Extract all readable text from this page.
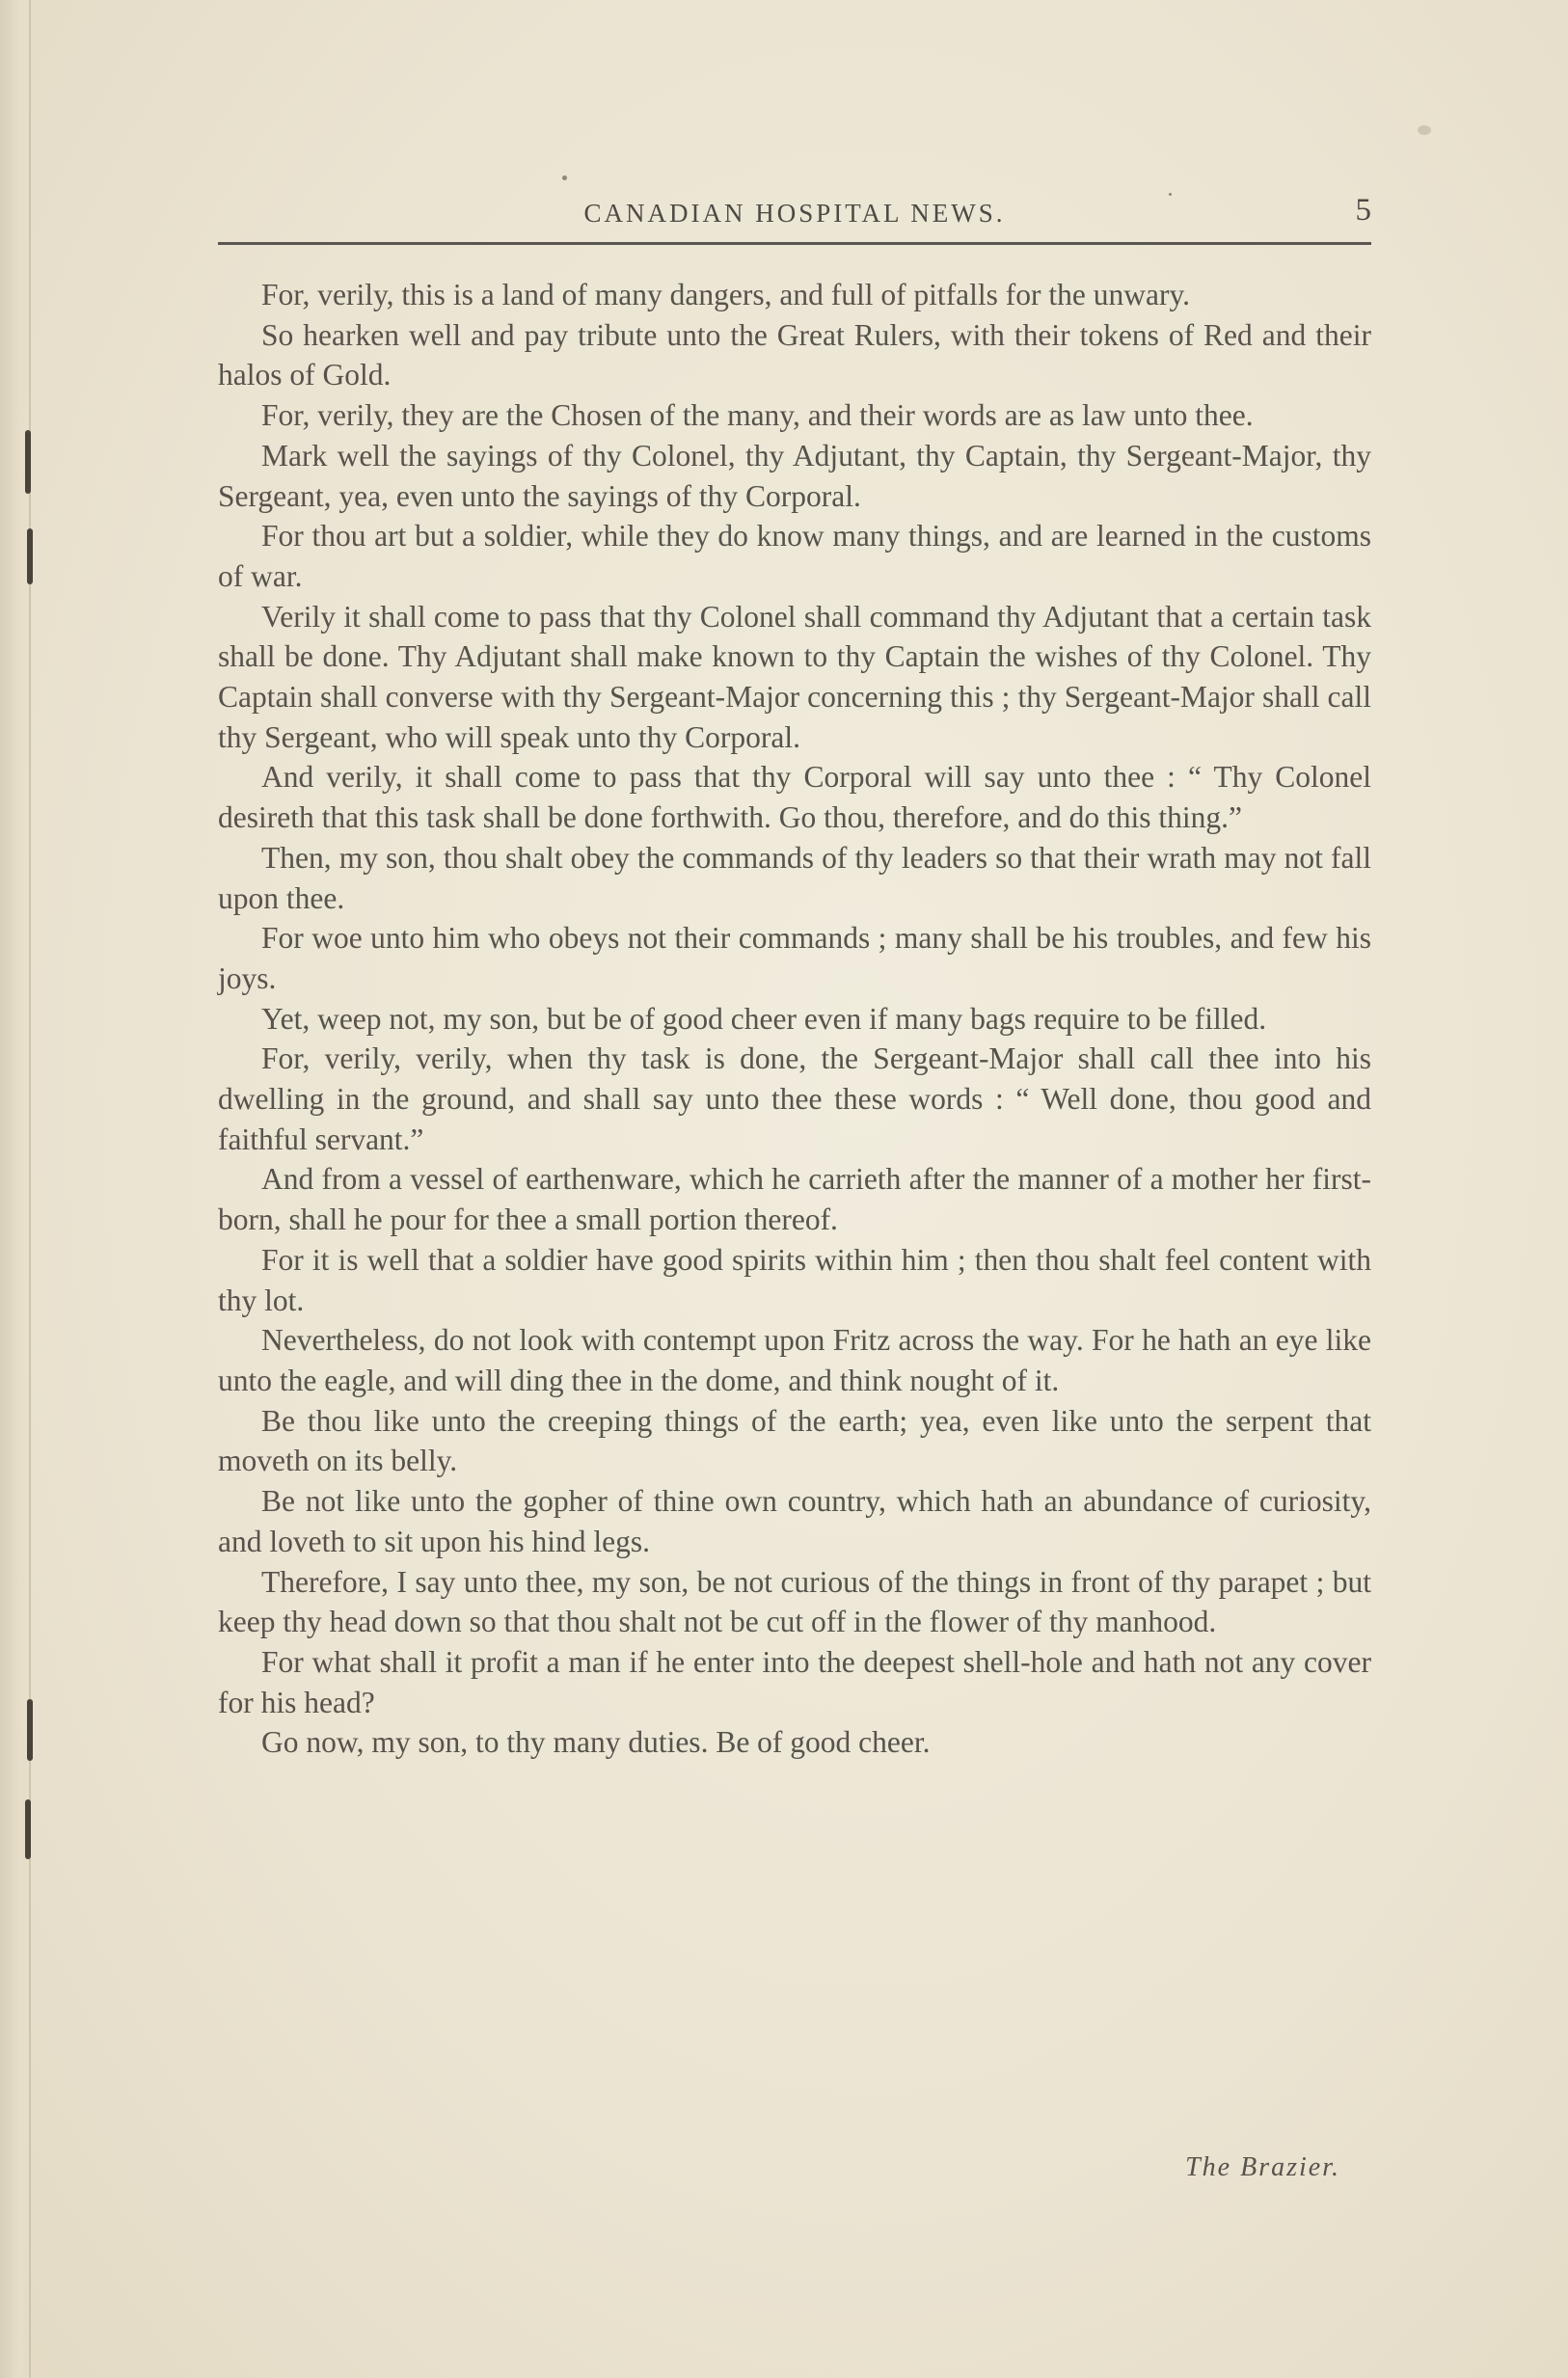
CANADIAN HOSPITAL NEWS.	5

For, verily, this is a land of many dangers, and full of pitfalls for the unwary.

So hearken well and pay tribute unto the Great Rulers, with their tokens of Red and their halos of Gold.

For, verily, they are the Chosen of the many, and their words are as law unto thee.

Mark well the sayings of thy Colonel, thy Adjutant, thy Captain, thy Sergeant-Major, thy Sergeant, yea, even unto the sayings of thy Corporal.

For thou art but a soldier, while they do know many things, and are learned in the customs of war.

Verily it shall come to pass that thy Colonel shall command thy Adjutant that a certain task shall be done. Thy Adjutant shall make known to thy Captain the wishes of thy Colonel. Thy Captain shall converse with thy Sergeant-Major concerning this ; thy Sergeant-Major shall call thy Sergeant, who will speak unto thy Corporal.

And verily, it shall come to pass that thy Corporal will say unto thee : “ Thy Colonel desireth that this task shall be done forthwith. Go thou, therefore, and do this thing.”

Then, my son, thou shalt obey the commands of thy leaders so that their wrath may not fall upon thee.

For woe unto him who obeys not their commands ; many shall be his troubles, and few his joys.

Yet, weep not, my son, but be of good cheer even if many bags require to be filled.

For, verily, verily, when thy task is done, the Sergeant-Major shall call thee into his dwelling in the ground, and shall say unto thee these words : “ Well done, thou good and faithful servant.”

And from a vessel of earthenware, which he carrieth after the manner of a mother her first-born, shall he pour for thee a small portion thereof.

For it is well that a soldier have good spirits within him ; then thou shalt feel content with thy lot.

Nevertheless, do not look with contempt upon Fritz across the way. For he hath an eye like unto the eagle, and will ding thee in the dome, and think nought of it.

Be thou like unto the creeping things of the earth; yea, even like unto the serpent that moveth on its belly.

Be not like unto the gopher of thine own country, which hath an abundance of curiosity, and loveth to sit upon his hind legs.

Therefore, I say unto thee, my son, be not curious of the things in front of thy parapet ; but keep thy head down so that thou shalt not be cut off in the flower of thy manhood.

For what shall it profit a man if he enter into the deepest shell-hole and hath not any cover for his head?

Go now, my son, to thy many duties. Be of good cheer.

The Brazier.
